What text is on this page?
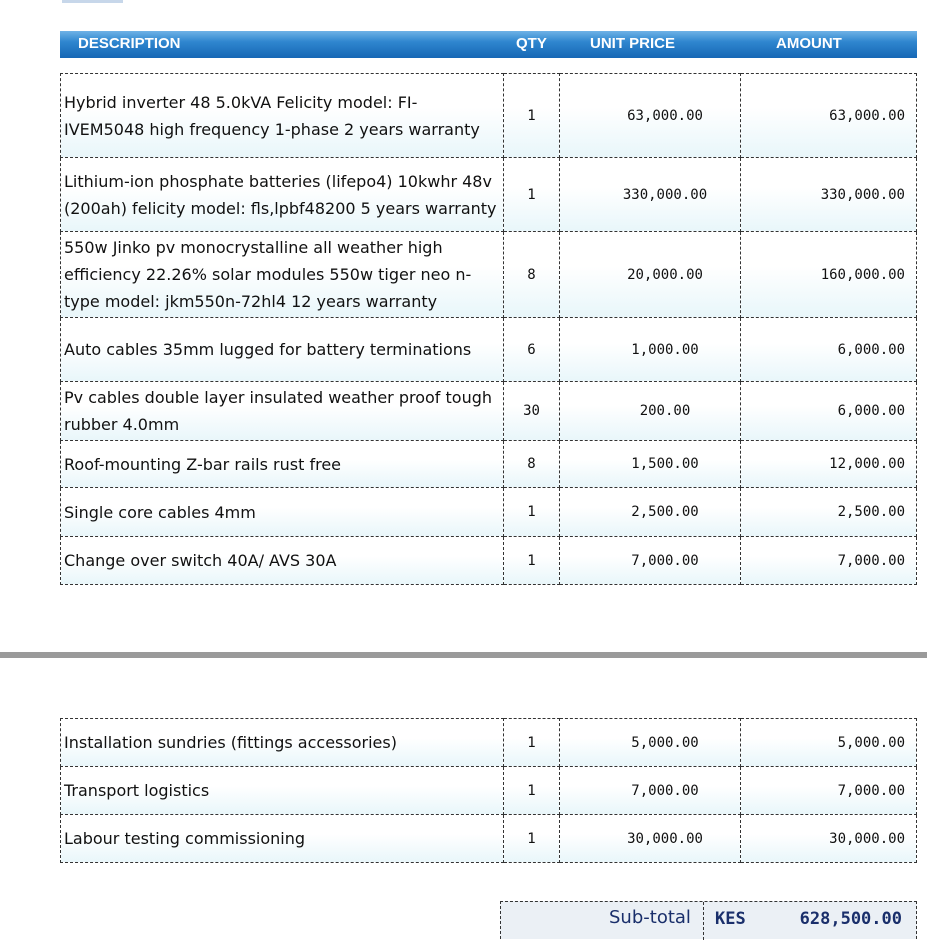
DESCRIPTION	QTY	UNIT PRICE	AMOUNT
Hybrid inverter 48 5.0kVA Felicity model: FI-IVEM5048 high frequency 1-phase 2 years warranty	1	63,000.00	63,000.00

Lithium-ion phosphate batteries (lifepo4) 10kwhr 48v (200ah) felicity model: fls,lpbf48200 5 years warranty	1	330,000.00	330,000.00

550w Jinko pv monocrystalline all weather high efficiency 22.26% solar modules 550w tiger neo n-type model: jkm550n-72hl4 12 years warranty	8	20,000.00	160,000.00

Auto cables 35mm lugged for battery terminations	6	1,000.00	6,000.00

Pv cables double layer insulated weather proof tough rubber 4.0mm	30	200.00	6,000.00

Roof-mounting Z-bar rails rust free	8	1,500.00	12,000.00

Single core cables 4mm	1	2,500.00	2,500.00

Change over switch 40A/ AVS 30A	1	7,000.00	7,000.00
Installation sundries (fittings accessories)	1	5,000.00	5,000.00

Transport logistics	1	7,000.00	7,000.00

Labour testing commissioning	1	30,000.00	30,000.00
Sub-total KES	628,500.00
